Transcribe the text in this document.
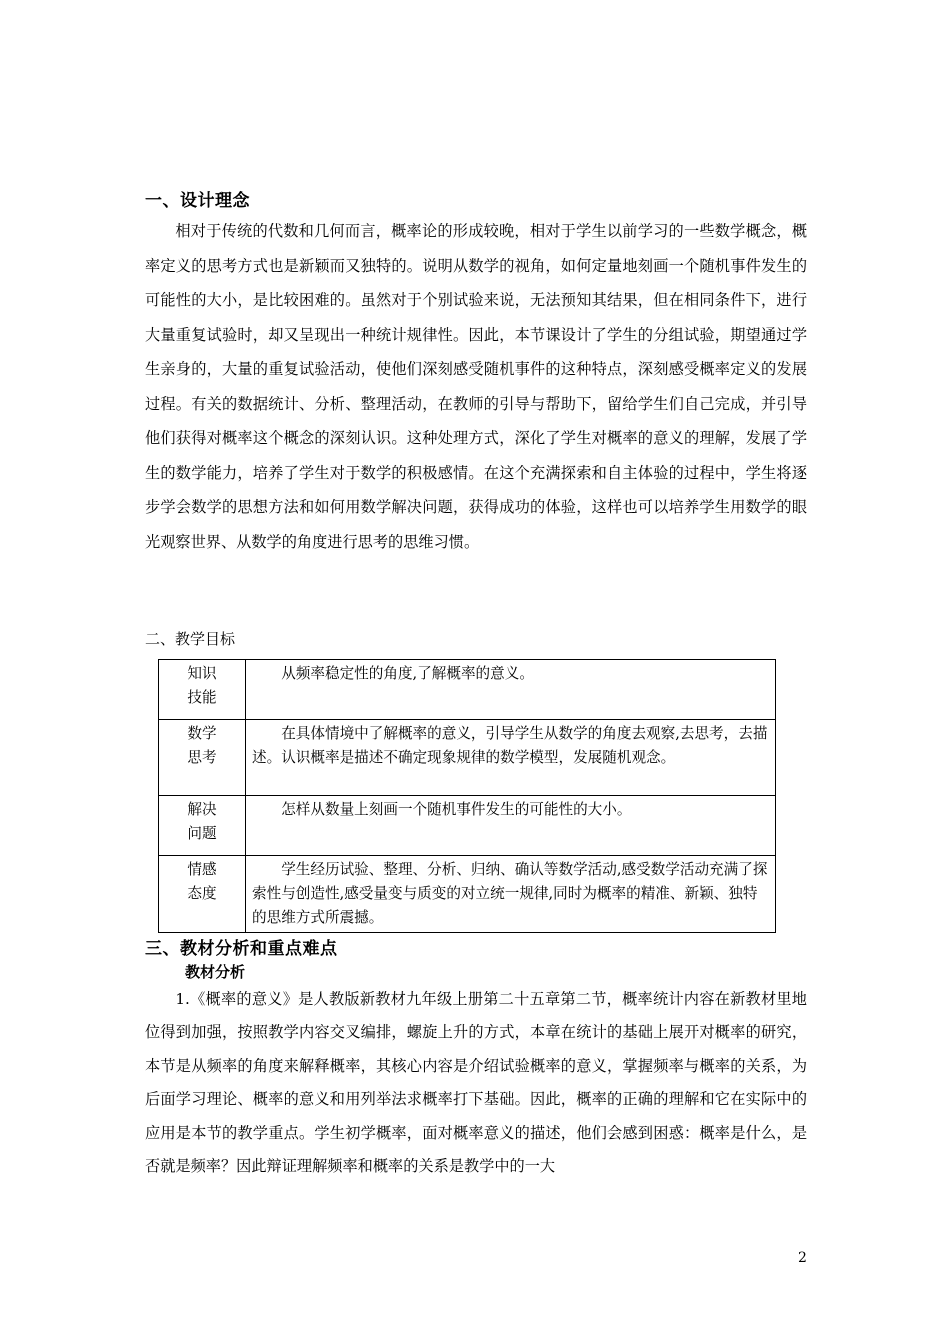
一、设计理念

相对于传统的代数和几何而言，概率论的形成较晚，相对于学生以前学习的一些数学概念，概率定义的思考方式也是新颖而又独特的。说明从数学的视角，如何定量地刻画一个随机事件发生的可能性的大小，是比较困难的。虽然对于个别试验来说，无法预知其结果，但在相同条件下，进行大量重复试验时，却又呈现出一种统计规律性。因此，本节课设计了学生的分组试验，期望通过学生亲身的，大量的重复试验活动，使他们深刻感受随机事件的这种特点，深刻感受概率定义的发展过程。有关的数据统计、分析、整理活动，在教师的引导与帮助下，留给学生们自己完成，并引导他们获得对概率这个概念的深刻认识。这种处理方式，深化了学生对概率的意义的理解，发展了学生的数学能力，培养了学生对于数学的积极感情。在这个充满探索和自主体验的过程中，学生将逐步学会数学的思想方法和如何用数学解决问题，获得成功的体验，这样也可以培养学生用数学的眼光观察世界、从数学的角度进行思考的思维习惯。

二、教学目标
知识技能	从频率稳定性的角度,了解概率的意义。

数学思考	在具体情境中了解概率的意义，引导学生从数学的角度去观察,去思考，去描述。认识概率是描述不确定现象规律的数学模型，发展随机观念。

解决问题	怎样从数量上刻画一个随机事件发生的可能性的大小。

情感态度	学生经历试验、整理、分析、归纳、确认等数学活动,感受数学活动充满了探索性与创造性,感受量变与质变的对立统一规律,同时为概率的精准、新颖、独特的思维方式所震撼。
三、教材分析和重点难点
教材分析

1.《概率的意义》是人教版新教材九年级上册第二十五章第二节，概率统计内容在新教材里地位得到加强，按照教学内容交叉编排，螺旋上升的方式，本章在统计的基础上展开对概率的研究，本节是从频率的角度来解释概率，其核心内容是介绍试验概率的意义，掌握频率与概率的关系，为后面学习理论、概率的意义和用列举法求概率打下基础。因此，概率的正确的理解和它在实际中的应用是本节的教学重点。学生初学概率，面对概率意义的描述，他们会感到困惑：概率是什么，是否就是频率？因此辩证理解频率和概率的关系是教学中的一大

2
